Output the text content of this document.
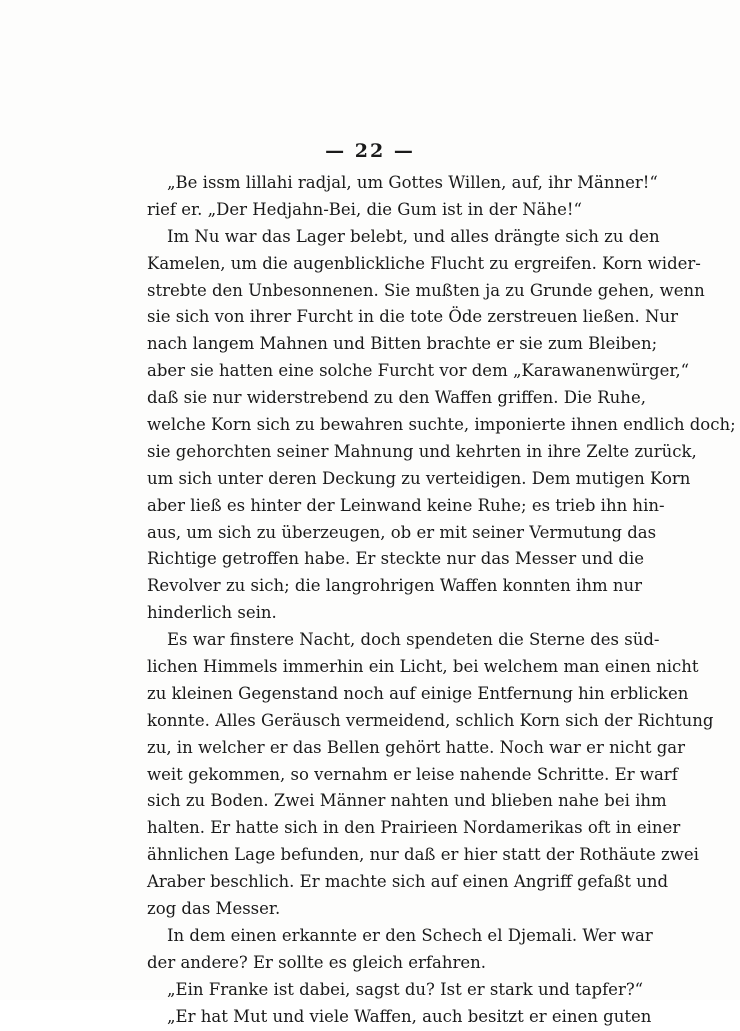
— 22 —
„Be issm lillahi radjal, um Gottes Willen, auf, ihr Männer!“
rief er. „Der Hedjahn-Bei, die Gum ist in der Nähe!“
Im Nu war das Lager belebt, und alles drängte sich zu den
Kamelen, um die augenblickliche Flucht zu ergreifen. Korn wider-
strebte den Unbesonnenen. Sie mußten ja zu Grunde gehen, wenn
sie sich von ihrer Furcht in die tote Öde zerstreuen ließen. Nur
nach langem Mahnen und Bitten brachte er sie zum Bleiben;
aber sie hatten eine solche Furcht vor dem „Karawanenwürger,“
daß sie nur widerstrebend zu den Waffen griffen. Die Ruhe,
welche Korn sich zu bewahren suchte, imponierte ihnen endlich doch;
sie gehorchten seiner Mahnung und kehrten in ihre Zelte zurück,
um sich unter deren Deckung zu verteidigen. Dem mutigen Korn
aber ließ es hinter der Leinwand keine Ruhe; es trieb ihn hin-
aus, um sich zu überzeugen, ob er mit seiner Vermutung das
Richtige getroffen habe. Er steckte nur das Messer und die
Revolver zu sich; die langrohrigen Waffen konnten ihm nur
hinderlich sein.
Es war finstere Nacht, doch spendeten die Sterne des süd-
lichen Himmels immerhin ein Licht, bei welchem man einen nicht
zu kleinen Gegenstand noch auf einige Entfernung hin erblicken
konnte. Alles Geräusch vermeidend, schlich Korn sich der Richtung
zu, in welcher er das Bellen gehört hatte. Noch war er nicht gar
weit gekommen, so vernahm er leise nahende Schritte. Er warf
sich zu Boden. Zwei Männer nahten und blieben nahe bei ihm
halten. Er hatte sich in den Prairieen Nordamerikas oft in einer
ähnlichen Lage befunden, nur daß er hier statt der Rothäute zwei
Araber beschlich. Er machte sich auf einen Angriff gefaßt und
zog das Messer.
In dem einen erkannte er den Schech el Djemali. Wer war
der andere? Er sollte es gleich erfahren.
„Ein Franke ist dabei, sagst du? Ist er stark und tapfer?“
„Er hat Mut und viele Waffen, auch besitzt er einen guten
